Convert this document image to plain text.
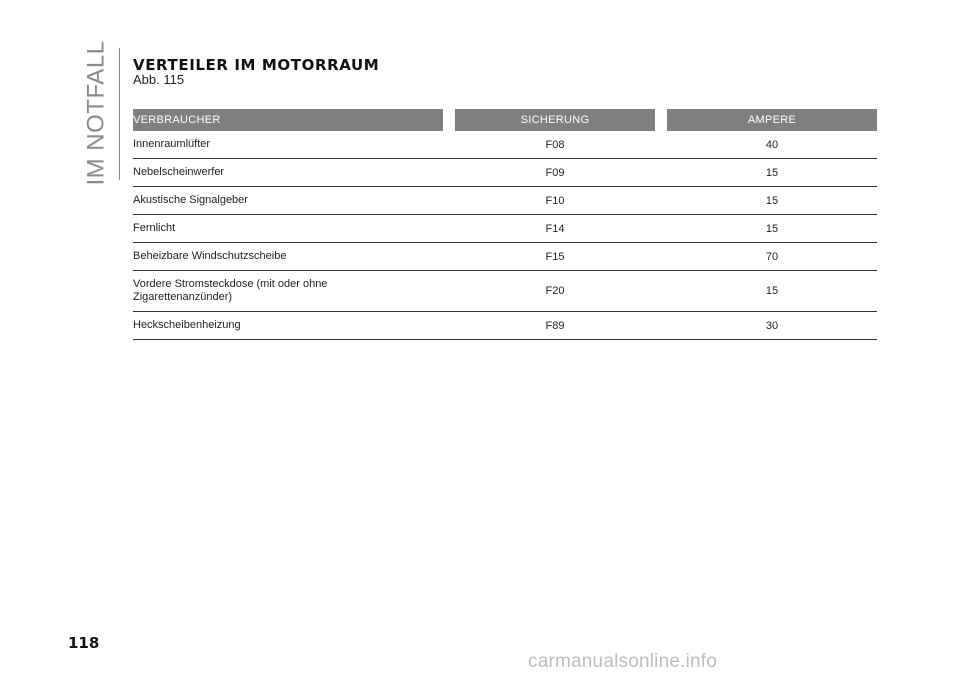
IM NOTFALL VERTEILER IM MOTORRAUM
Abb. 115
VERBRAUCHER		SICHERUNG		AMPERE
Innenraumlüfter		F08		40
Nebelscheinwerfer		F09		15
Akustische Signalgeber		F10		15
Fernlicht		F14		15
Beheizbare Windschutzscheibe		F15		70
Vordere Stromsteckdose (mit oder ohne Zigarettenanzünder)		F20		15
Heckscheibenheizung		F89		30
118
carmanualsonline.info
